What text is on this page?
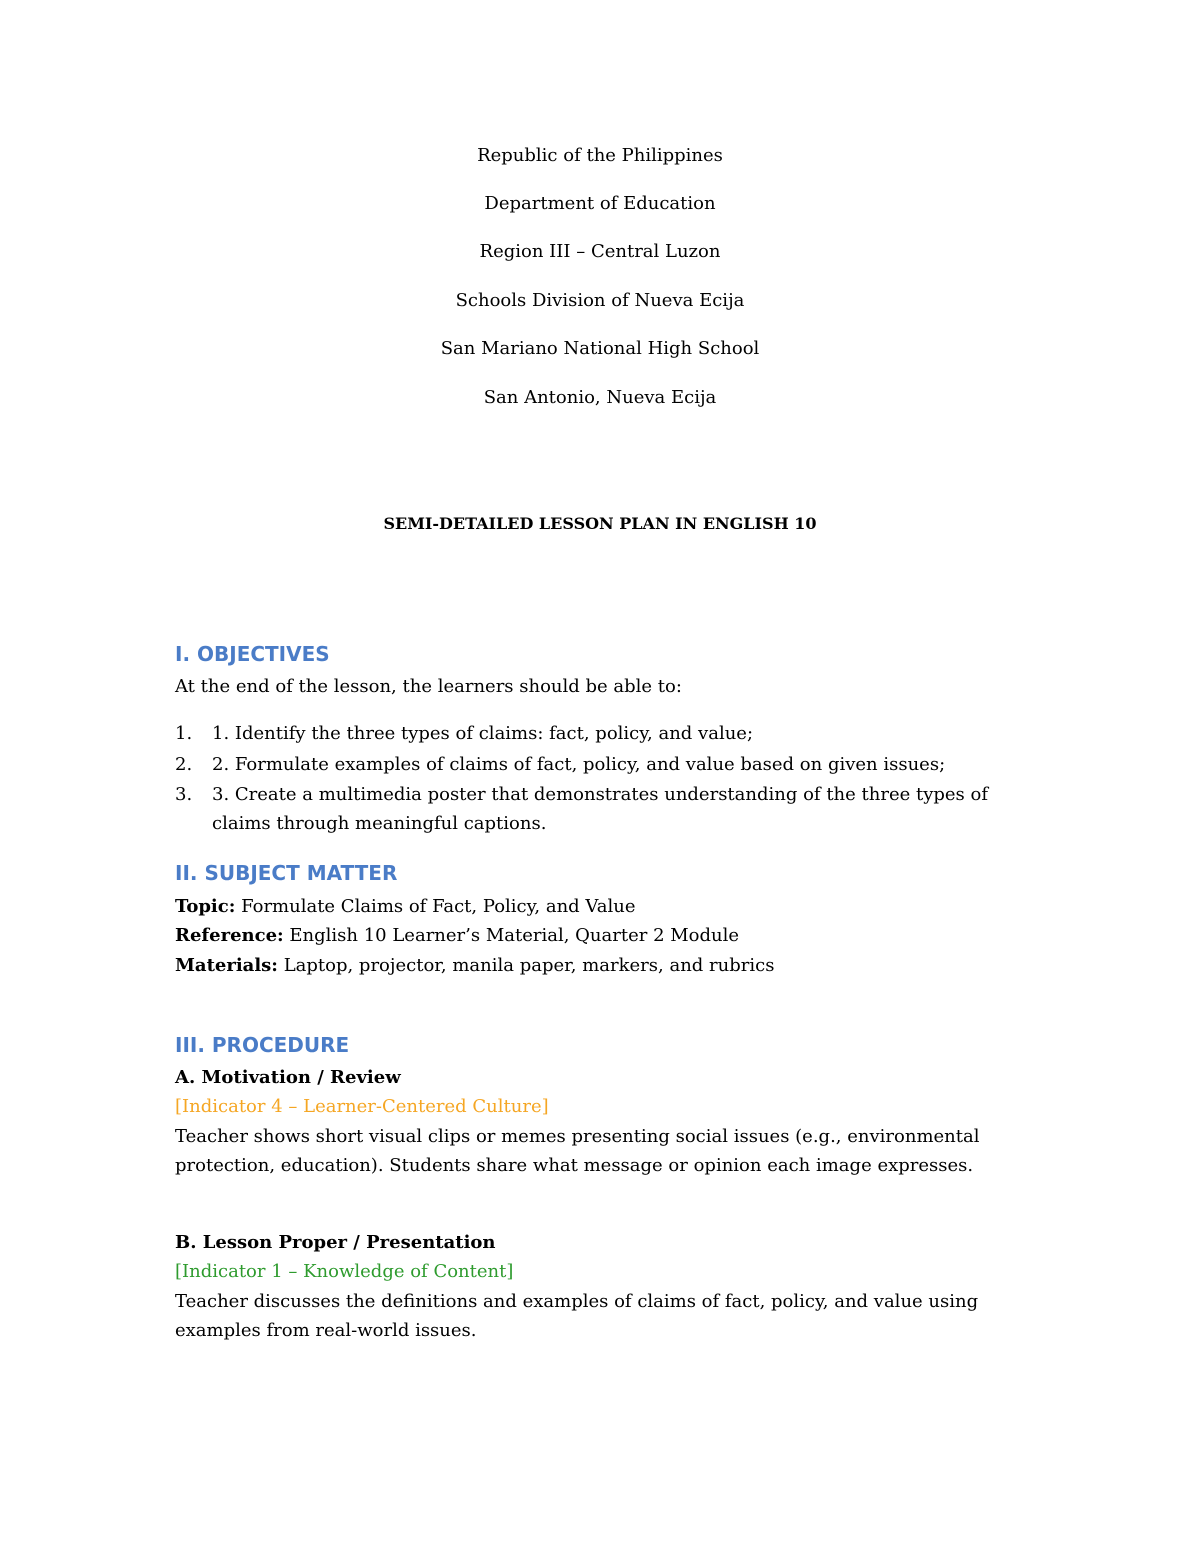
Republic of the Philippines
Department of Education
Region III – Central Luzon
Schools Division of Nueva Ecija
San Mariano National High School
San Antonio, Nueva Ecija
SEMI-DETAILED LESSON PLAN IN ENGLISH 10
I. OBJECTIVES
At the end of the lesson, the learners should be able to:
1. 1. Identify the three types of claims: fact, policy, and value;
2. 2. Formulate examples of claims of fact, policy, and value based on given issues;
3. 3. Create a multimedia poster that demonstrates understanding of the three types of
claims through meaningful captions.
II. SUBJECT MATTER
Topic: Formulate Claims of Fact, Policy, and Value
Reference: English 10 Learner’s Material, Quarter 2 Module
Materials: Laptop, projector, manila paper, markers, and rubrics
III. PROCEDURE
A. Motivation / Review
[Indicator 4 – Learner-Centered Culture]
Teacher shows short visual clips or memes presenting social issues (e.g., environmental
protection, education). Students share what message or opinion each image expresses.
B. Lesson Proper / Presentation
[Indicator 1 – Knowledge of Content]
Teacher discusses the definitions and examples of claims of fact, policy, and value using
examples from real-world issues.
